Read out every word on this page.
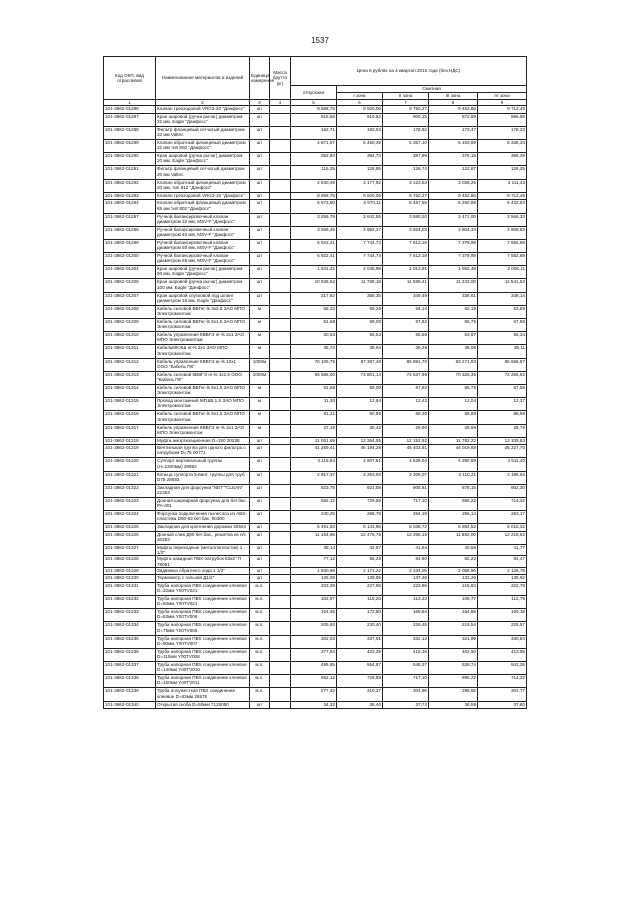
1537
Код ОКП, вид отраслевой	Наименование материалов и изделий	Единица измерения	Масса брутто (кг)	Цена в рублях на 4 квартал 2015 года (без НДС)				
				отпускная	Сметная			
					I зона	II зона	III зона	IV зона
1	2	3	4	5	6	7	8	9
101-3862-01286	Клапан трехходовой VRG3-20 "Данфосс"	шт		8 868,75	9 920,06	9 750,27	9 452,86	9 712,49
101-3862-01287	Кран шаровой (ручка рычаг) диаметром 32 мм, Eagle "Данфосс"	шт		818,58	915,82	900,15	872,69	896,66
101-3862-01288	Фильтр фланцевый сетчатый диаметром 32 мм Valtec	шт		162,71	182,04	178,92	173,47	178,23
101-3862-01289	Клапан обратный фланцевый диаметром 32 мм тип 802 "Данфосс"	шт		4 871,67	5 450,39	5 357,10	5 193,69	5 336,34
101-3862-01290	Кран шаровой (ручка рычаг) диаметром 20 мм, Eagle "Данфосс"	шт		352,83	394,74	387,99	376,15	386,48
101-3862-01291	Фильтр фланцевый сетчатый диаметром 20 мм Valtec	шт		115,25	128,95	126,74	122,87	126,25
101-3862-01292	Клапан обратный фланцевый диаметром 20 мм, тип 812 "Данфосс"	шт		2 840,49	3 177,92	3 123,53	3 028,25	3 111,43
101-3862-01293	Клапан трехходовой VRG3-15 "Данфосс"	шт		8 868,75	9 920,06	9 750,27	9 452,86	9 712,49
101-3862-01294	Клапан обратный фланцевый диаметром 65 мм тип 802 "Данфосс"	шт		5 872,50	6 570,11	6 457,65	6 260,68	6 432,63
101-3862-01297	Ручной балансировочный клапан диаметром 32 мм, MSV-F "Данфосс"	шт		3 255,79	3 642,55	3 580,20	3 471,00	3 566,33
101-3862-01298	Ручной балансировочный клапан диаметром 40 мм, MSV-F "Данфосс"	шт		3 568,45	3 992,37	3 924,03	3 804,34	3 908,83
101-3862-01299	Ручной балансировочный клапан диаметром 50 мм, MSV-F "Данфосс"	шт		6 922,41	7 744,74	7 612,18	7 379,99	7 582,69
101-3862-01300	Ручной балансировочный клапан диаметром 65 мм, MSV-F "Данфосс"	шт		6 922,41	7 744,74	7 612,18	7 379,99	7 582,69
101-3862-01304	Кран шаровой (ручка рычаг) диаметром 50 мм, Eagle "Данфосс"	шт		1 831,42	2 048,98	2 013,91	1 952,48	2 006,11
101-3862-01306	Кран шаровой (ручка рычаг) диаметром 100 мм, Eagle "Данфосс"	шт		10 536,52	11 788,18	11 586,41	11 233,00	11 541,52
101-3862-01307	Кран шаровой спусковой под шланг диаметром 15 мм, Eagle "Данфосс"	шт		317,62	355,35	349,49	338,61	348,14
101-3862-01308	Кабель силовой ВВГнг-ls 3x2,5 ЗАО МПО Электромонтаж	м		58,33	65,26	64,14	62,19	63,89
101-3862-01309	Кабель силовой ВВГнг-ls 5x1,5 ЗАО МПО Электромонтаж	м		61,68	69,00	67,82	65,75	67,56
101-3862-01310	Кабель управления КВВГЭ нг-ls 2x1 ЗАО МПО Электромонтаж	м		50,53	56,53	55,56	53,87	55,34
101-3862-01311	КабельМКЭШ нг-ls 2x1 ЗАО МПО Электромонтаж	м		35,70	39,94	39,26	38,06	39,11
101-3862-01312	Кабель управления КВВГЭ нг-ls 10x1 ООО "Кабель ПК"	1000м		78 109,75	87 387,48	85 891,70	83 271,83	85 558,97
101-3862-01313	Кабель силовой КВВГЭ нг-ls 4x2,5 ООО "Кабель ПК"	1000м		65 966,00	73 801,14	72 537,96	70 325,35	72 256,92
101-3862-01314	Кабель силовой ВВГнг-ls 5x1,5 ЗАО МПО Электромонтаж	м		61,68	69,00	67,82	65,75	67,56
101-3862-01315	Провод монтажный МГШВ 1,5 ЗАО МПО Электромонтаж	м		11,30	12,64	12,42	12,04	12,37
101-3862-01316	Кабель силовой ВВГнг-ls 6x1,5 ЗАО МПО Электромонтаж	м		81,21	90,86	89,30	86,58	88,96
101-3862-01317	Кабель управления КВВГЭ нг-ls 2x1 ЗАО МПО Электромонтаж	м		27,19	30,42	29,90	28,99	29,79
101-3862-01318	Муфта амортизационная D=150 20238	шт		11 051,69	12 364,55	12 152,92	11 782,22	12 105,83
101-3862-01319	Вентильная группа для одного фильтра с патрубком D=75 00771	шт		41 269,41	46 194,28	45 403,81	44 019,88	45 227,70
101-3862-01320	Суппорт вертикальный группы (Н=2300мм) 28692	шт		4 118,84	4 607,61	4 529,04	4 390,69	4 511,40
101-3862-01321	Кольца суппорта 5-винт. группы для труб D75 28693	шт		2 917,37	3 263,93	3 208,07	3 110,21	3 195,64
101-3862-01322	Закладная для форсунки "NET""CLEAN" 22353	шт		823,75	921,58	905,81	878,15	902,30
101-3862-01323	Донная шарнирная форсунка для бет.бас. PA-001	шт		652,12	729,59	717,10	695,22	714,32
101-3862-01324	Форсунка подключения пылесоса из ABS-пластика D50-63 бет.бас. 00300	шт		240,25	268,79	264,19	256,14	263,17
101-3862-01325	Закладная для крепления дорожки 40504	шт		5 491,53	6 143,86	6 038,72	5 854,52	6 015,32
101-3862-01326	Донный слив Д90 бет.бас., решетка из н/с 20283	шт		11 154,96	12 479,75	12 266,15	11 892,00	12 218,62
101-3862-01327	Муфты переходные (металлопластик) 1 1/2"	шт		38,14	42,67	41,94	40,66	41,77
101-3862-01328	Муфта накидная ПВХ-патрубок 63x2" П 78051	шт		77,12	86,28	84,80	82,22	84,47
101-3862-01329	Задвижка обратного хода 1 1/2"	шт		1 940,68	2 171,22	2 134,05	2 068,96	2 125,78
101-3862-01330	Термометр с гильзой Д1/2"	шт		125,09	139,95	137,46	133,26	136,92
101-3862-01331	Труба напорная ПВХ соединение клеевое D=32мм Y00TV021	м.п.		203,39	227,55	223,66	216,83	222,79
101-3862-01332	Труба напорная ПВХ соединение клеевое D=50мм Y00TV021	м.п.		102,97	115,20	113,23	109,77	112,79
101-3862-01333	Труба напорная ПВХ соединение клеевое D=63мм Y00TV006	м.п.		154,45	172,80	169,84	164,66	169,18
101-3862-01334	Труба напорная ПВХ соединение клеевое D=75мм Y00TV005	м.п.		205,93	230,40	226,45	219,54	225,57
101-3862-01335	Труба напорная ПВХ соединение клеевое D=90мм Y00TV007	м.п.		302,03	337,91	332,13	321,99	330,84
101-3862-01336	Труба напорная ПВХ соединение клеевое D=110мм Y00TV008	м.п.		377,54	422,39	415,16	402,50	413,55
101-3862-01337	Труба напорная ПВХ соединение клеевое D=140мм Y00TV010	м.п.		495,95	554,87	545,37	528,74	543,26
101-3862-01338	Труба напорная ПВХ соединение клеевое D=160мм Y00TV011	м.п.		652,12	729,59	717,10	695,22	714,32
101-3862-01339	Труба полужесткая ПВХ соединение клеевое D=63мм 26575	м.п.		277,32	310,27	304,96	295,65	303,77
101-3862-01340	Открытая скоба D=50мм 7128050	шт		34,32	38,40	37,74	36,59	37,60
